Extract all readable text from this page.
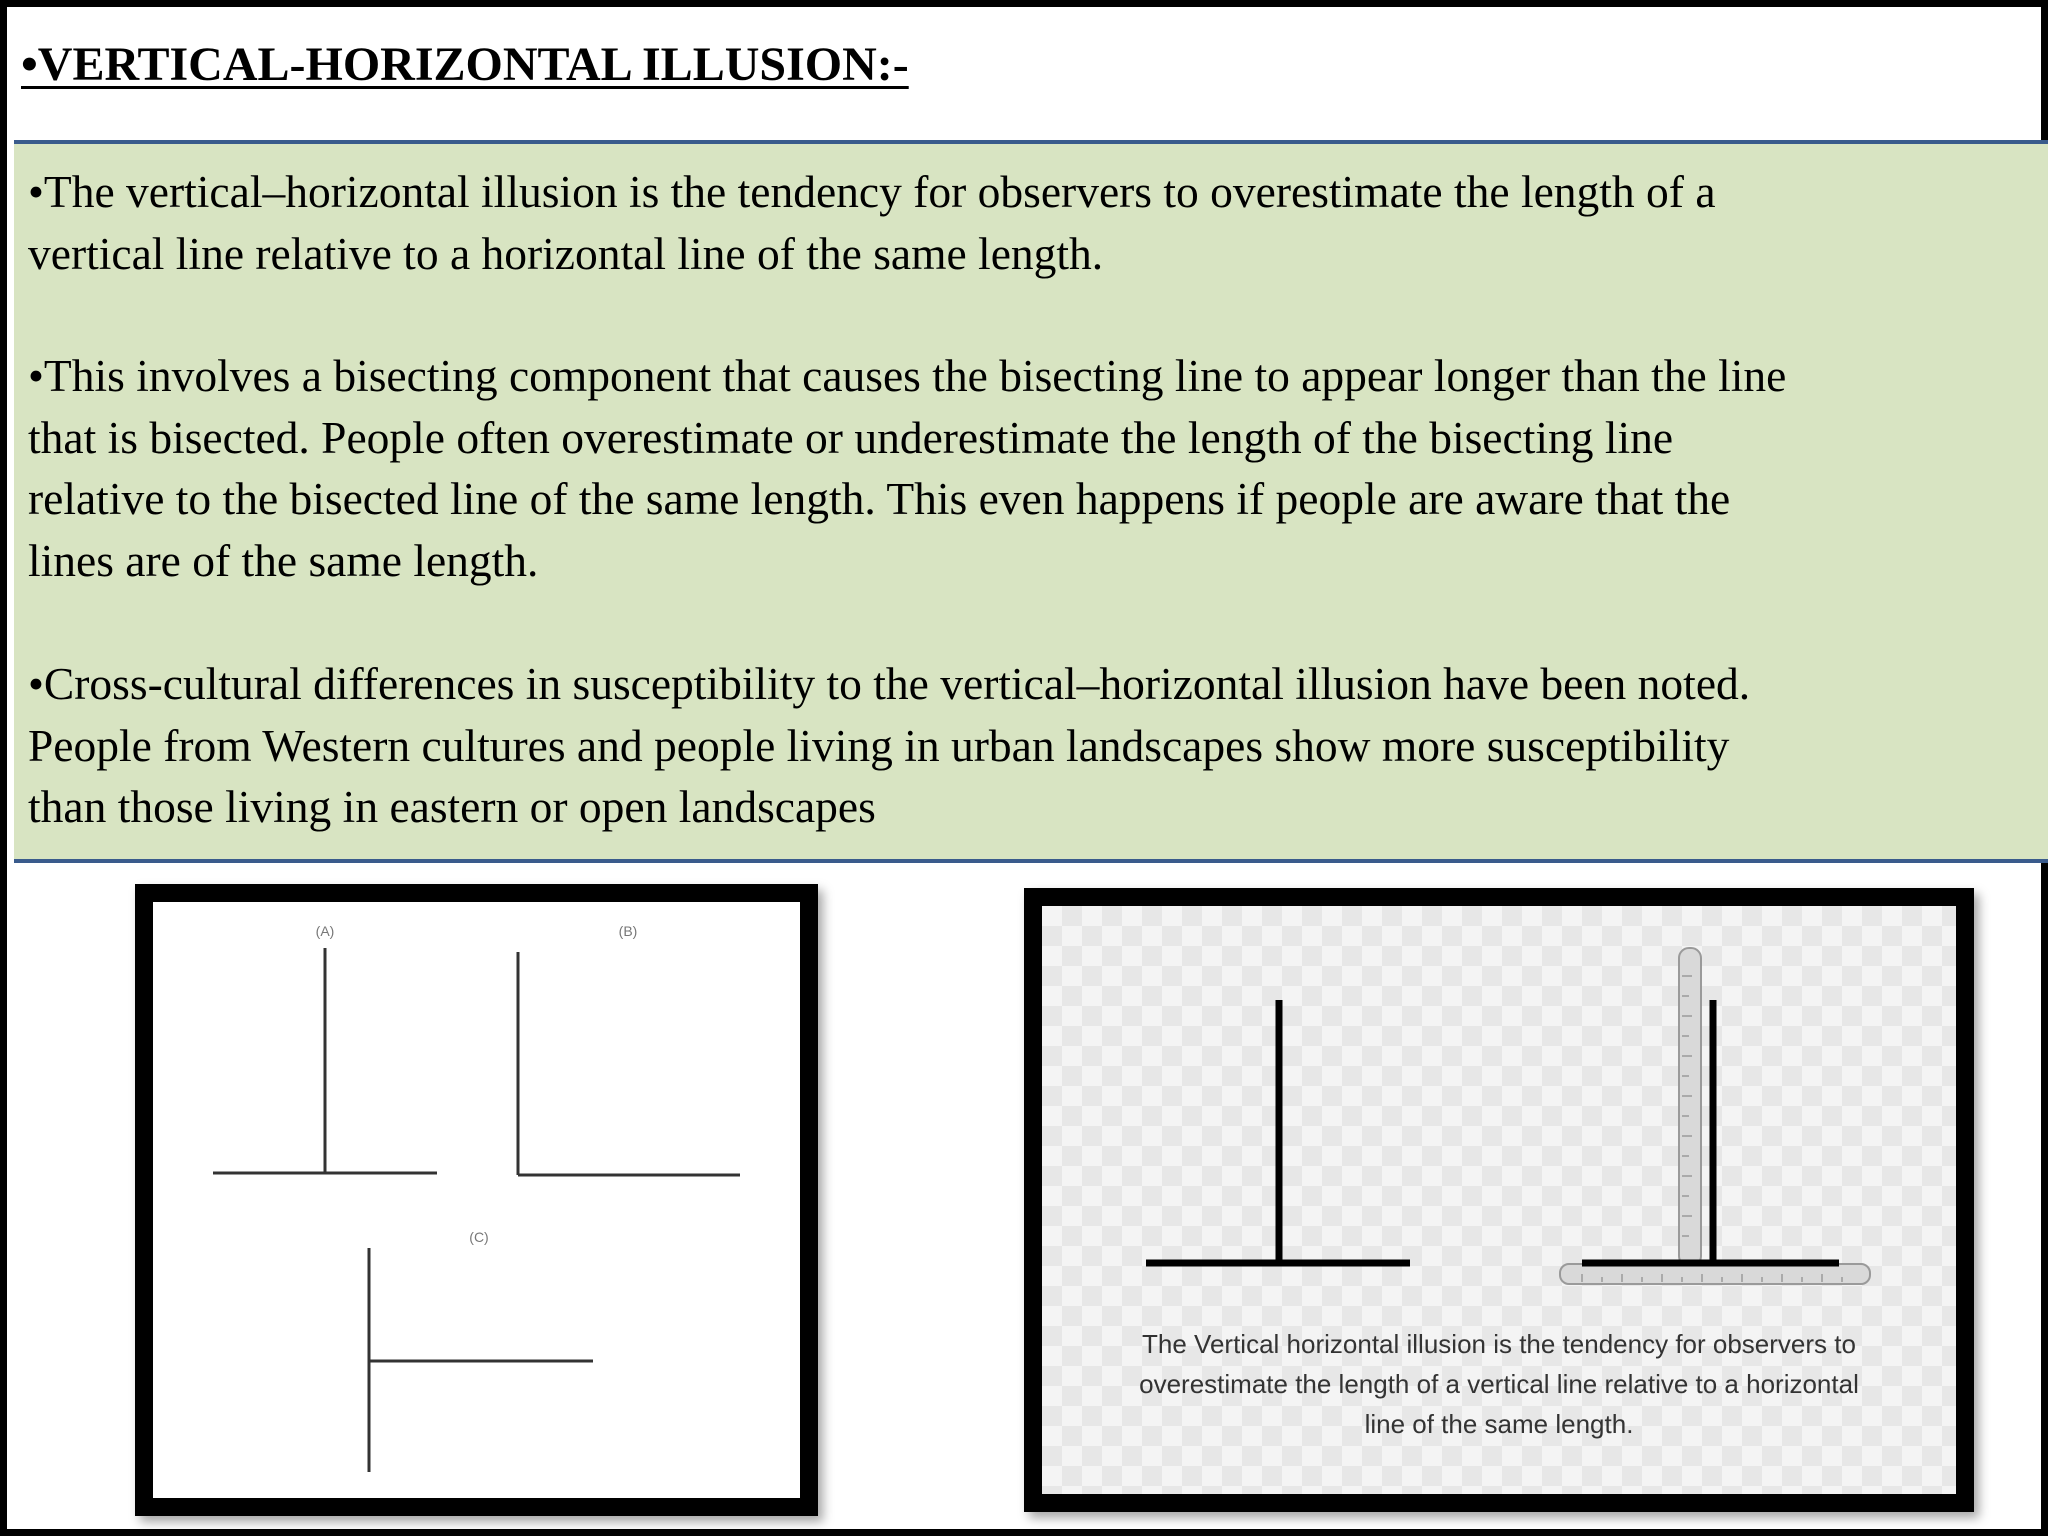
•VERTICAL-HORIZONTAL ILLUSION:-

•The vertical–horizontal illusion is the tendency for observers to overestimate the length of a
vertical line relative to a horizontal line of the same length.

•This involves a bisecting component that causes the bisecting line to appear longer than the line
that is bisected. People often overestimate or underestimate the length of the bisecting line
relative to the bisected line of the same length. This even happens if people are aware that the
lines are of the same length.

•Cross-cultural differences in susceptibility to the vertical–horizontal illusion have been noted.
People from Western cultures and people living in urban landscapes show more susceptibility
than those living in eastern or open landscapes

(A)	(B)
(C)

The Vertical horizontal illusion is the tendency for observers to
overestimate the length of a vertical line relative to a horizontal
line of the same length.
